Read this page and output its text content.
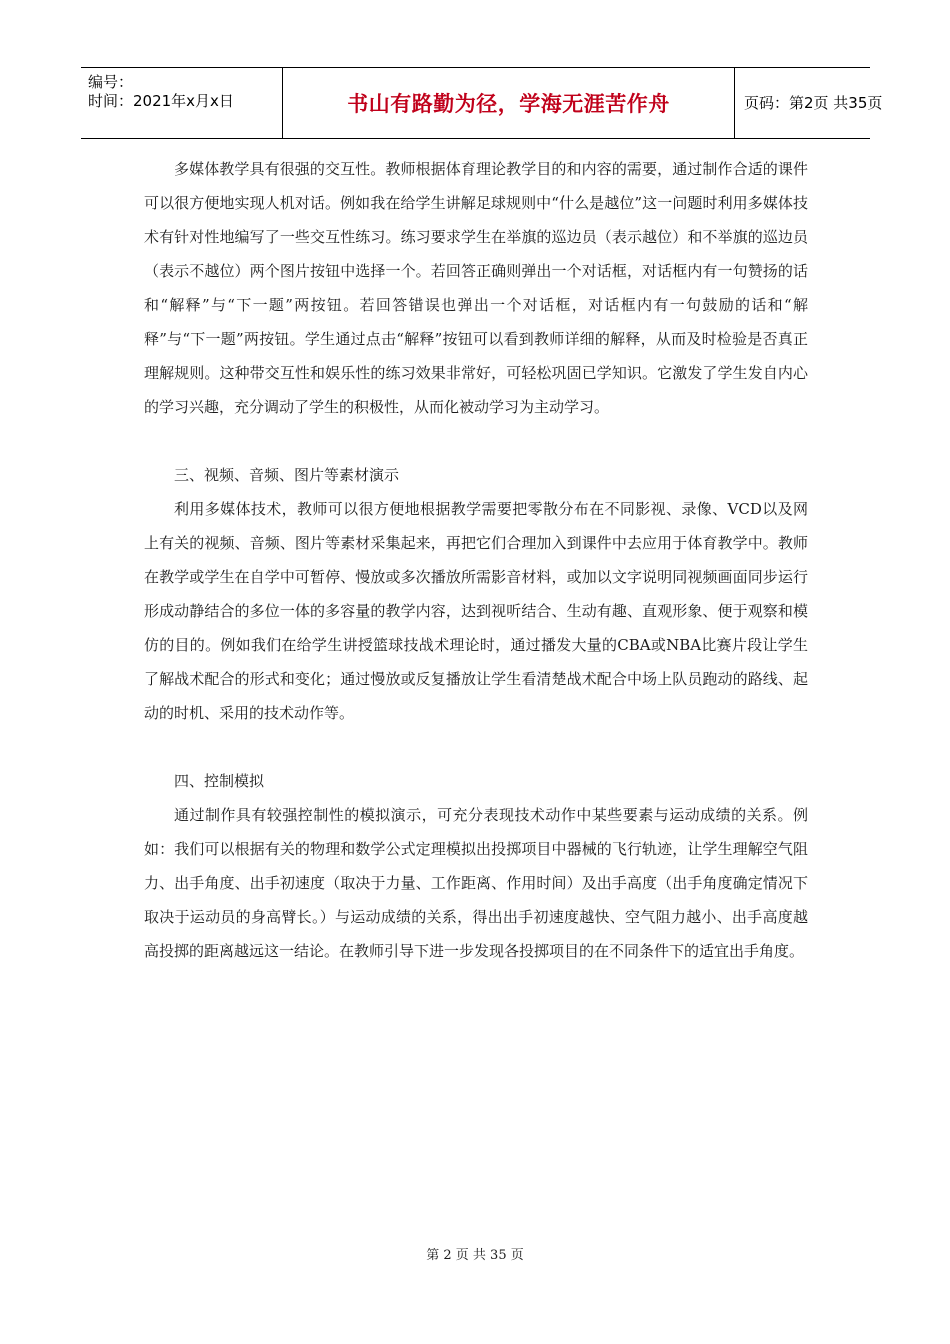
编号：
时间：2021年x月x日	书山有路勤为径，学海无涯苦作舟	页码：第2页 共35页

多媒体教学具有很强的交互性。教师根据体育理论教学目的和内容的需要，通过制作合适的课件可以很方便地实现人机对话。例如我在给学生讲解足球规则中“什么是越位”这一问题时利用多媒体技术有针对性地编写了一些交互性练习。练习要求学生在举旗的巡边员（表示越位）和不举旗的巡边员（表示不越位）两个图片按钮中选择一个。若回答正确则弹出一个对话框，对话框内有一句赞扬的话和“解释”与“下一题”两按钮。若回答错误也弹出一个对话框，对话框内有一句鼓励的话和“解释”与“下一题”两按钮。学生通过点击“解释”按钮可以看到教师详细的解释，从而及时检验是否真正理解规则。这种带交互性和娱乐性的练习效果非常好，可轻松巩固已学知识。它激发了学生发自内心的学习兴趣，充分调动了学生的积极性，从而化被动学习为主动学习。

三、视频、音频、图片等素材演示

利用多媒体技术，教师可以很方便地根据教学需要把零散分布在不同影视、录像、VCD以及网上有关的视频、音频、图片等素材采集起来，再把它们合理加入到课件中去应用于体育教学中。教师在教学或学生在自学中可暂停、慢放或多次播放所需影音材料，或加以文字说明同视频画面同步运行形成动静结合的多位一体的多容量的教学内容，达到视听结合、生动有趣、直观形象、便于观察和模仿的目的。例如我们在给学生讲授篮球技战术理论时，通过播发大量的CBA或NBA比赛片段让学生了解战术配合的形式和变化；通过慢放或反复播放让学生看清楚战术配合中场上队员跑动的路线、起动的时机、采用的技术动作等。

四、控制模拟

通过制作具有较强控制性的模拟演示，可充分表现技术动作中某些要素与运动成绩的关系。例如：我们可以根据有关的物理和数学公式定理模拟出投掷项目中器械的飞行轨迹，让学生理解空气阻力、出手角度、出手初速度（取决于力量、工作距离、作用时间）及出手高度（出手角度确定情况下取决于运动员的身高臂长。）与运动成绩的关系，得出出手初速度越快、空气阻力越小、出手高度越高投掷的距离越远这一结论。在教师引导下进一步发现各投掷项目的在不同条件下的适宜出手角度。

第 2 页 共 35 页
